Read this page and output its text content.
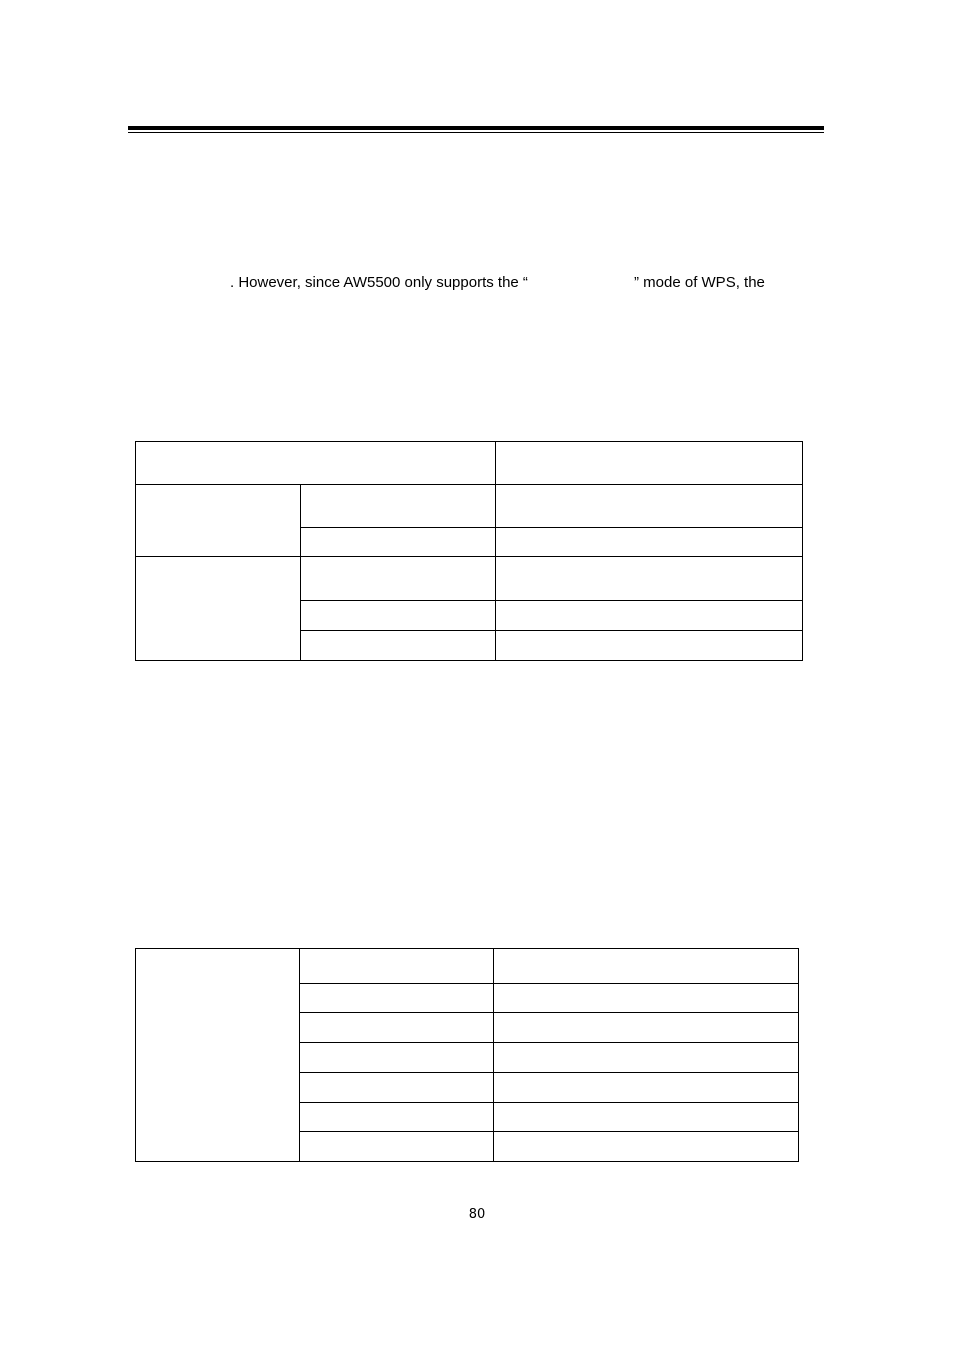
. However, since AW5500 only supports the “	” mode of WPS, the

80
